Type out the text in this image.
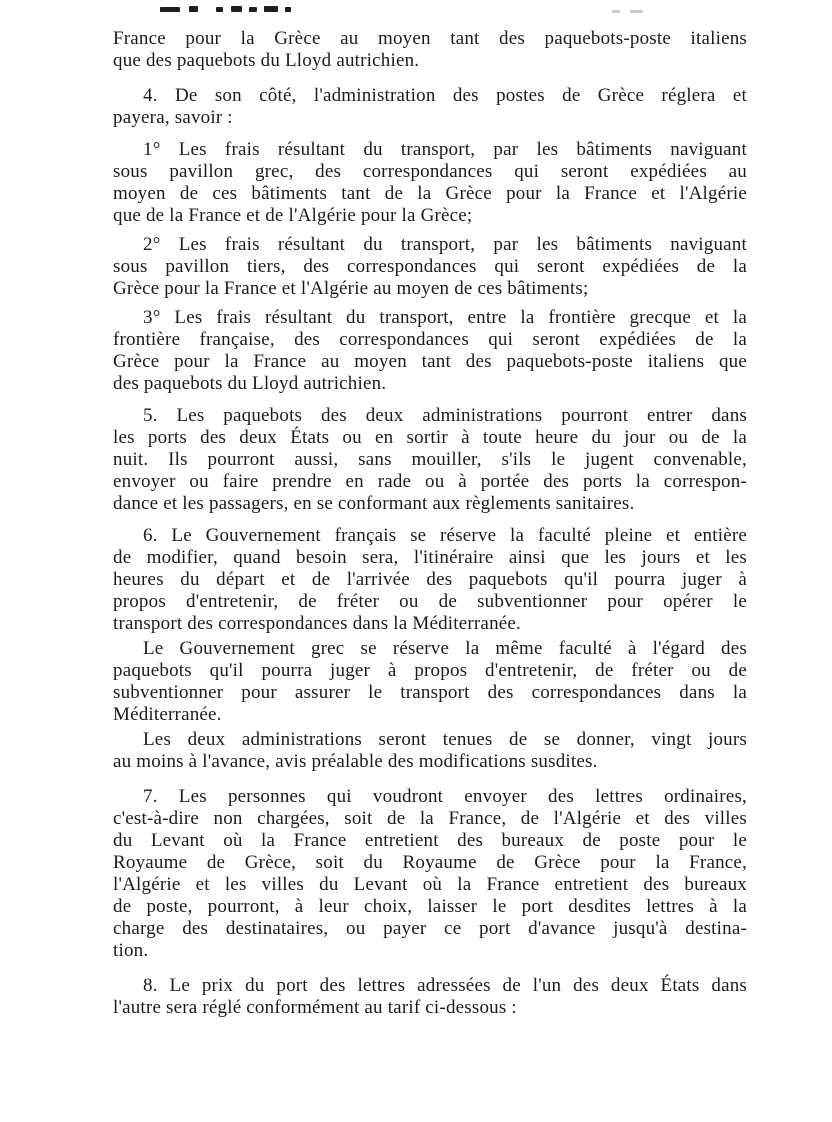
France pour la Grèce au moyen tant des paquebots-poste italiens
que des paquebots du Lloyd autrichien.
4. De son côté, l'administration des postes de Grèce réglera et
payera, savoir :
1° Les frais résultant du transport, par les bâtiments naviguant
sous pavillon grec, des correspondances qui seront expédiées au
moyen de ces bâtiments tant de la Grèce pour la France et l'Algérie
que de la France et de l'Algérie pour la Grèce;
2° Les frais résultant du transport, par les bâtiments naviguant
sous pavillon tiers, des correspondances qui seront expédiées de la
Grèce pour la France et l'Algérie au moyen de ces bâtiments;
3° Les frais résultant du transport, entre la frontière grecque et la
frontière française, des correspondances qui seront expédiées de la
Grèce pour la France au moyen tant des paquebots-poste italiens que
des paquebots du Lloyd autrichien.
5. Les paquebots des deux administrations pourront entrer dans
les ports des deux États ou en sortir à toute heure du jour ou de la
nuit. Ils pourront aussi, sans mouiller, s'ils le jugent convenable,
envoyer ou faire prendre en rade ou à portée des ports la correspon-
dance et les passagers, en se conformant aux règlements sanitaires.
6. Le Gouvernement français se réserve la faculté pleine et entière
de modifier, quand besoin sera, l'itinéraire ainsi que les jours et les
heures du départ et de l'arrivée des paquebots qu'il pourra juger à
propos d'entretenir, de fréter ou de subventionner pour opérer le
transport des correspondances dans la Méditerranée.
Le Gouvernement grec se réserve la même faculté à l'égard des
paquebots qu'il pourra juger à propos d'entretenir, de fréter ou de
subventionner pour assurer le transport des correspondances dans la
Méditerranée.
Les deux administrations seront tenues de se donner, vingt jours
au moins à l'avance, avis préalable des modifications susdites.
7. Les personnes qui voudront envoyer des lettres ordinaires,
c'est-à-dire non chargées, soit de la France, de l'Algérie et des villes
du Levant où la France entretient des bureaux de poste pour le
Royaume de Grèce, soit du Royaume de Grèce pour la France,
l'Algérie et les villes du Levant où la France entretient des bureaux
de poste, pourront, à leur choix, laisser le port desdites lettres à la
charge des destinataires, ou payer ce port d'avance jusqu'à destina-
tion.
8. Le prix du port des lettres adressées de l'un des deux États dans
l'autre sera réglé conformément au tarif ci-dessous :
